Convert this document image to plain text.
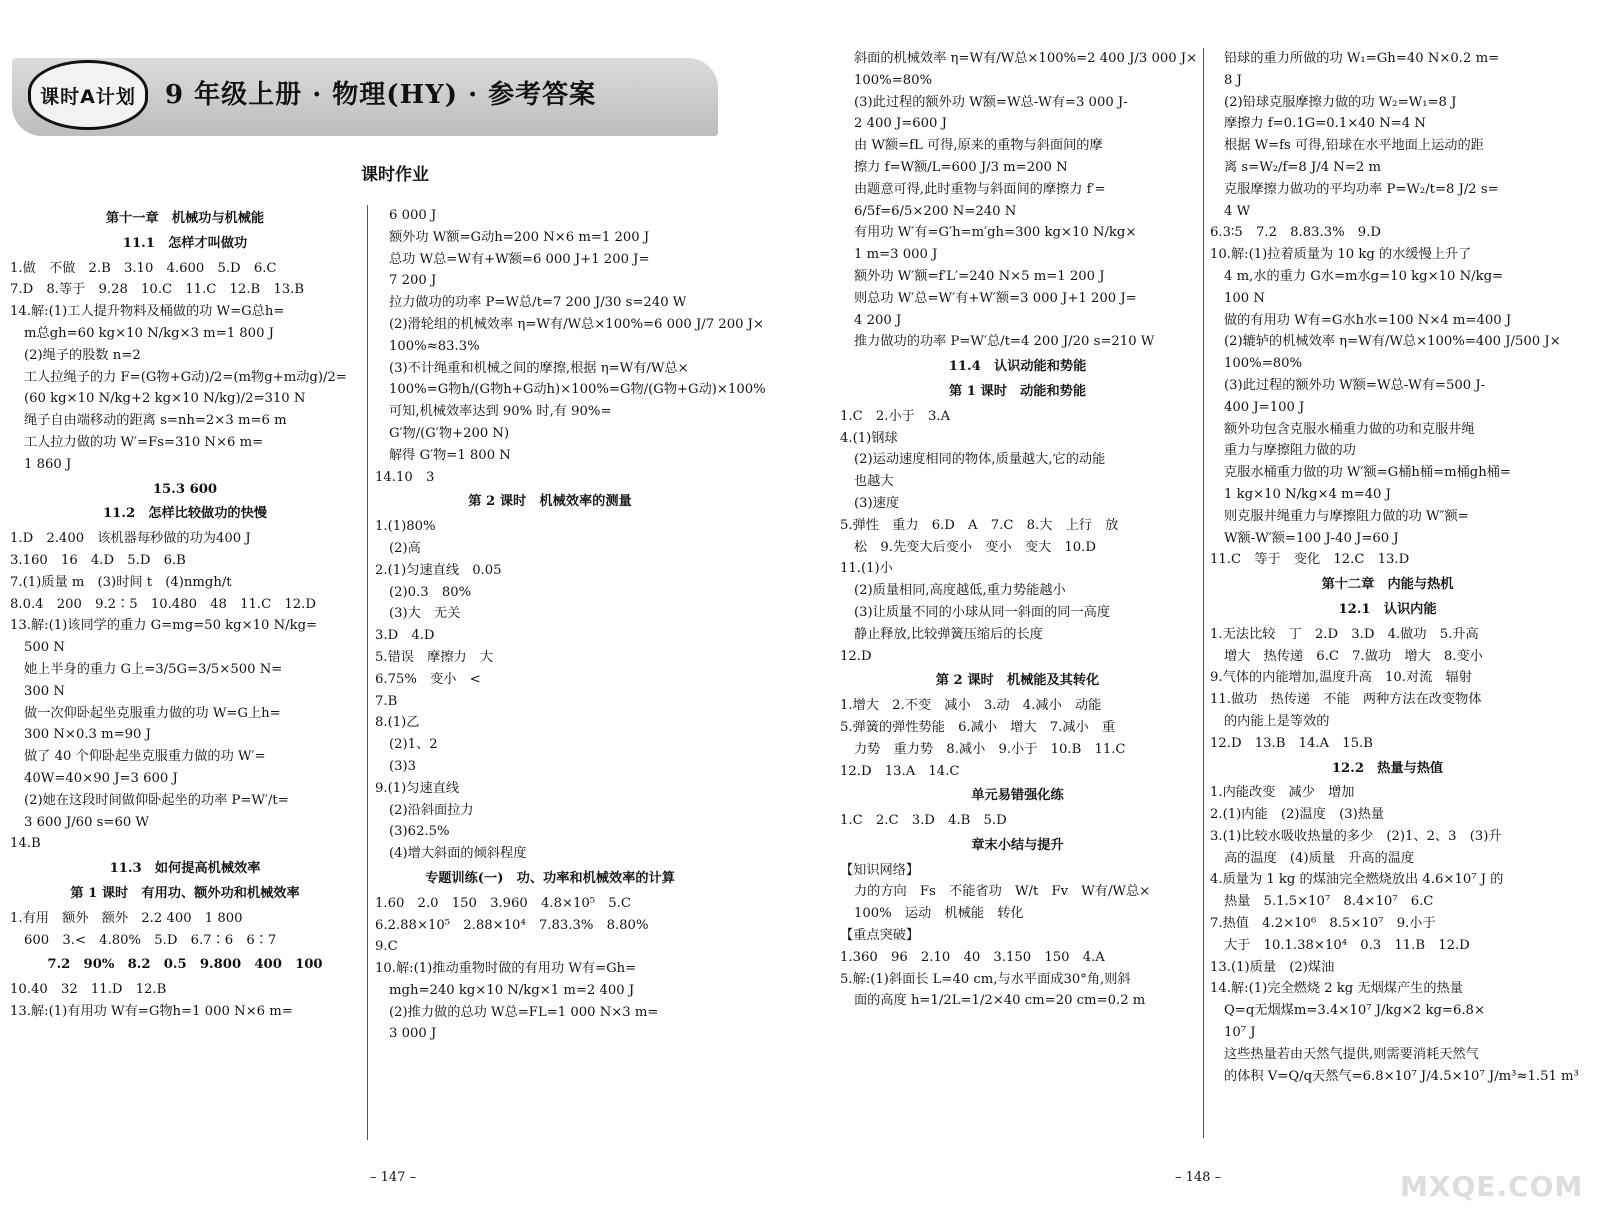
课时A计划	9 年级上册 · 物理(HY) · 参考答案
课时作业
第十一章　机械功与机械能
11.1　怎样才叫做功
1.做　不做　2.B　3.10　4.600　5.D　6.C
7.D　8.等于　9.28　10.C　11.C　12.B　13.B
14.解:(1)工人提升物料及桶做的功 W=G总h=
m总gh=60 kg×10 N/kg×3 m=1 800 J
(2)绳子的股数 n=2
工人拉绳子的力 F=(G物+G动)/2=(m物g+m动g)/2=
(60 kg×10 N/kg+2 kg×10 N/kg)/2=310 N
绳子自由端移动的距离 s=nh=2×3 m=6 m
工人拉力做的功 W′=Fs=310 N×6 m=
1 860 J
15.3 600
11.2　怎样比较做功的快慢
1.D　2.400　该机器每秒做的功为400 J
3.160　16　4.D　5.D　6.B
7.(1)质量 m　(3)时间 t　(4)nmgh/t
8.0.4　200　9.2∶5　10.480　48　11.C　12.D
13.解:(1)该同学的重力 G=mg=50 kg×10 N/kg=
500 N
她上半身的重力 G上=3/5G=3/5×500 N=
300 N
做一次仰卧起坐克服重力做的功 W=G上h=
300 N×0.3 m=90 J
做了 40 个仰卧起坐克服重力做的功 W′=
40W=40×90 J=3 600 J
(2)她在这段时间做仰卧起坐的功率 P=W′/t=
3 600 J/60 s=60 W
14.B
11.3　如何提高机械效率
第 1 课时　有用功、额外功和机械效率
1.有用　额外　额外　2.2 400　1 800
600　3.<　4.80%　5.D　6.7∶6　6∶7
7.2　90%　8.2　0.5　9.800　400　100
10.40　32　11.D　12.B
13.解:(1)有用功 W有=G物h=1 000 N×6 m=
6 000 J
额外功 W额=G动h=200 N×6 m=1 200 J
总功 W总=W有+W额=6 000 J+1 200 J=
7 200 J
拉力做功的功率 P=W总/t=7 200 J/30 s=240 W
(2)滑轮组的机械效率 η=W有/W总×100%=6 000 J/7 200 J×
100%≈83.3%
(3)不计绳重和机械之间的摩擦,根据 η=W有/W总×
100%=G物h/(G物h+G动h)×100%=G物/(G物+G动)×100%
可知,机械效率达到 90% 时,有 90%=
G′物/(G′物+200 N)
解得 G′物=1 800 N
14.10　3
第 2 课时　机械效率的测量
1.(1)80%
(2)高
2.(1)匀速直线　0.05
(2)0.3　80%
(3)大　无关
3.D　4.D
5.错误　摩擦力　大
6.75%　变小　<
7.B
8.(1)乙
(2)1、2
(3)3
9.(1)匀速直线
(2)沿斜面拉力
(3)62.5%
(4)增大斜面的倾斜程度
专题训练(一)　功、功率和机械效率的计算
1.60　2.0　150　3.960　4.8×10⁵　5.C
6.2.88×10⁵　2.88×10⁴　7.83.3%　8.80%
9.C
10.解:(1)推动重物时做的有用功 W有=Gh=
mgh=240 kg×10 N/kg×1 m=2 400 J
(2)推力做的总功 W总=FL=1 000 N×3 m=
3 000 J
– 147 –
斜面的机械效率 η=W有/W总×100%=2 400 J/3 000 J×
100%=80%
(3)此过程的额外功 W额=W总-W有=3 000 J-
2 400 J=600 J
由 W额=fL 可得,原来的重物与斜面间的摩
擦力 f=W额/L=600 J/3 m=200 N
由题意可得,此时重物与斜面间的摩擦力 f′=
6/5f=6/5×200 N=240 N
有用功 W′有=G′h=m′gh=300 kg×10 N/kg×
1 m=3 000 J
额外功 W′额=f′L′=240 N×5 m=1 200 J
则总功 W′总=W′有+W′额=3 000 J+1 200 J=
4 200 J
推力做功的功率 P=W′总/t=4 200 J/20 s=210 W
11.4　认识动能和势能
第 1 课时　动能和势能
1.C　2.小于　3.A
4.(1)钢球
(2)运动速度相同的物体,质量越大,它的动能
也越大
(3)速度
5.弹性　重力　6.D　A　7.C　8.大　上行　放
松　9.先变大后变小　变小　变大　10.D
11.(1)小
(2)质量相同,高度越低,重力势能越小
(3)让质量不同的小球从同一斜面的同一高度
静止释放,比较弹簧压缩后的长度
12.D
第 2 课时　机械能及其转化
1.增大　2.不变　减小　3.动　4.减小　动能
5.弹簧的弹性势能　6.减小　增大　7.减小　重
力势　重力势　8.减小　9.小于　10.B　11.C
12.D　13.A　14.C
单元易错强化练
1.C　2.C　3.D　4.B　5.D
章末小结与提升
【知识网络】
力的方向　Fs　不能省功　W/t　Fv　W有/W总×
100%　运动　机械能　转化
【重点突破】
1.360　96　2.10　40　3.150　150　4.A
5.解:(1)斜面长 L=40 cm,与水平面成30°角,则斜
面的高度 h=1/2L=1/2×40 cm=20 cm=0.2 m
铅球的重力所做的功 W₁=Gh=40 N×0.2 m=
8 J
(2)铅球克服摩擦力做的功 W₂=W₁=8 J
摩擦力 f=0.1G=0.1×40 N=4 N
根据 W=fs 可得,铅球在水平地面上运动的距
离 s=W₂/f=8 J/4 N=2 m
克服摩擦力做功的平均功率 P=W₂/t=8 J/2 s=
4 W
6.3∶5　7.2　8.83.3%　9.D
10.解:(1)拉着质量为 10 kg 的水缓慢上升了
4 m,水的重力 G水=m水g=10 kg×10 N/kg=
100 N
做的有用功 W有=G水h水=100 N×4 m=400 J
(2)辘轳的机械效率 η=W有/W总×100%=400 J/500 J×
100%=80%
(3)此过程的额外功 W额=W总-W有=500 J-
400 J=100 J
额外功包含克服水桶重力做的功和克服井绳
重力与摩擦阻力做的功
克服水桶重力做的功 W′额=G桶h桶=m桶gh桶=
1 kg×10 N/kg×4 m=40 J
则克服井绳重力与摩擦阻力做的功 W″额=
W额-W′额=100 J-40 J=60 J
11.C　等于　变化　12.C　13.D
第十二章　内能与热机
12.1　认识内能
1.无法比较　丁　2.D　3.D　4.做功　5.升高
增大　热传递　6.C　7.做功　增大　8.变小
9.气体的内能增加,温度升高　10.对流　辐射
11.做功　热传递　不能　两种方法在改变物体
的内能上是等效的
12.D　13.B　14.A　15.B
12.2　热量与热值
1.内能改变　减少　增加
2.(1)内能　(2)温度　(3)热量
3.(1)比较水吸收热量的多少　(2)1、2、3　(3)升
高的温度　(4)质量　升高的温度
4.质量为 1 kg 的煤油完全燃烧放出 4.6×10⁷ J 的
热量　5.1.5×10⁷　8.4×10⁷　6.C
7.热值　4.2×10⁶　8.5×10⁷　9.小于
大于　10.1.38×10⁴　0.3　11.B　12.D
13.(1)质量　(2)煤油
14.解:(1)完全燃烧 2 kg 无烟煤产生的热量
Q=q无烟煤m=3.4×10⁷ J/kg×2 kg=6.8×
10⁷ J
这些热量若由天然气提供,则需要消耗天然气
的体积 V=Q/q天然气=6.8×10⁷ J/4.5×10⁷ J/m³≈1.51 m³
– 148 –	MXQE.COM
